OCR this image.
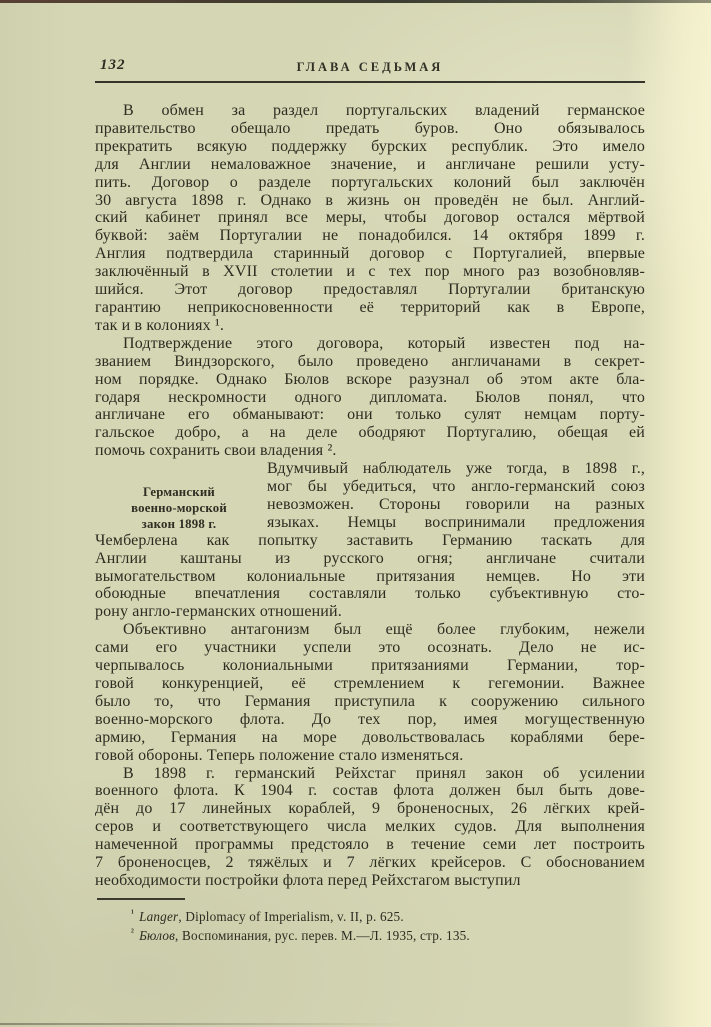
132	ГЛАВА СЕДЬМАЯ
В обмен за раздел португальских владений германское
правительство обещало предать буров. Оно обязывалось
прекратить всякую поддержку бурских республик. Это имело
для Англии немаловажное значение, и англичане решили усту-
пить. Договор о разделе португальских колоний был заключён
30 августа 1898 г. Однако в жизнь он проведён не был. Англий-
ский кабинет принял все меры, чтобы договор остался мёртвой
буквой: заём Португалии не понадобился. 14 октября 1899 г.
Англия подтвердила старинный договор с Португалией, впервые
заключённый в XVII столетии и с тех пор много раз возобновляв-
шийся. Этот договор предоставлял Португалии британскую
гарантию неприкосновенности её территорий как в Европе,
так и в колониях ¹.
Подтверждение этого договора, который известен под на-
званием Виндзорского, было проведено англичанами в секрет-
ном порядке. Однако Бюлов вскоре разузнал об этом акте бла-
годаря нескромности одного дипломата. Бюлов понял, что
англичане его обманывают: они только сулят немцам порту-
гальское добро, а на деле ободряют Португалию, обещая ей
помочь сохранить свои владения ².
Германский
военно-морской
закон 1898 г.
Вдумчивый наблюдатель уже тогда, в 1898 г.,
мог бы убедиться, что англо-германский союз
невозможен. Стороны говорили на разных
языках. Немцы воспринимали предложения
Чемберлена как попытку заставить Германию таскать для
Англии каштаны из русского огня; англичане считали
вымогательством колониальные притязания немцев. Но эти
обоюдные впечатления составляли только субъективную сто-
рону англо-германских отношений.
Объективно антагонизм был ещё более глубоким, нежели
сами его участники успели это осознать. Дело не ис-
черпывалось колониальными притязаниями Германии, тор-
говой конкуренцией, её стремлением к гегемонии. Важнее
было то, что Германия приступила к сооружению сильного
военно-морского флота. До тех пор, имея могущественную
армию, Германия на море довольствовалась кораблями бере-
говой обороны. Теперь положение стало изменяться.
В 1898 г. германский Рейхстаг принял закон об усилении
военного флота. К 1904 г. состав флота должен был быть дове-
дён до 17 линейных кораблей, 9 броненосных, 26 лёгких крей-
серов и соответствующего числа мелких судов. Для выполнения
намеченной программы предстояло в течение семи лет построить
7 броненосцев, 2 тяжёлых и 7 лёгких крейсеров. С обоснованием
необходимости постройки флота перед Рейхстагом выступил
$^{^1}$ Langer, Diplomacy of Imperialism, v. II, p. 625.
$^{^2}$ Бюлов, Воспоминания, рус. перев. М.—Л. 1935, стр. 135.
